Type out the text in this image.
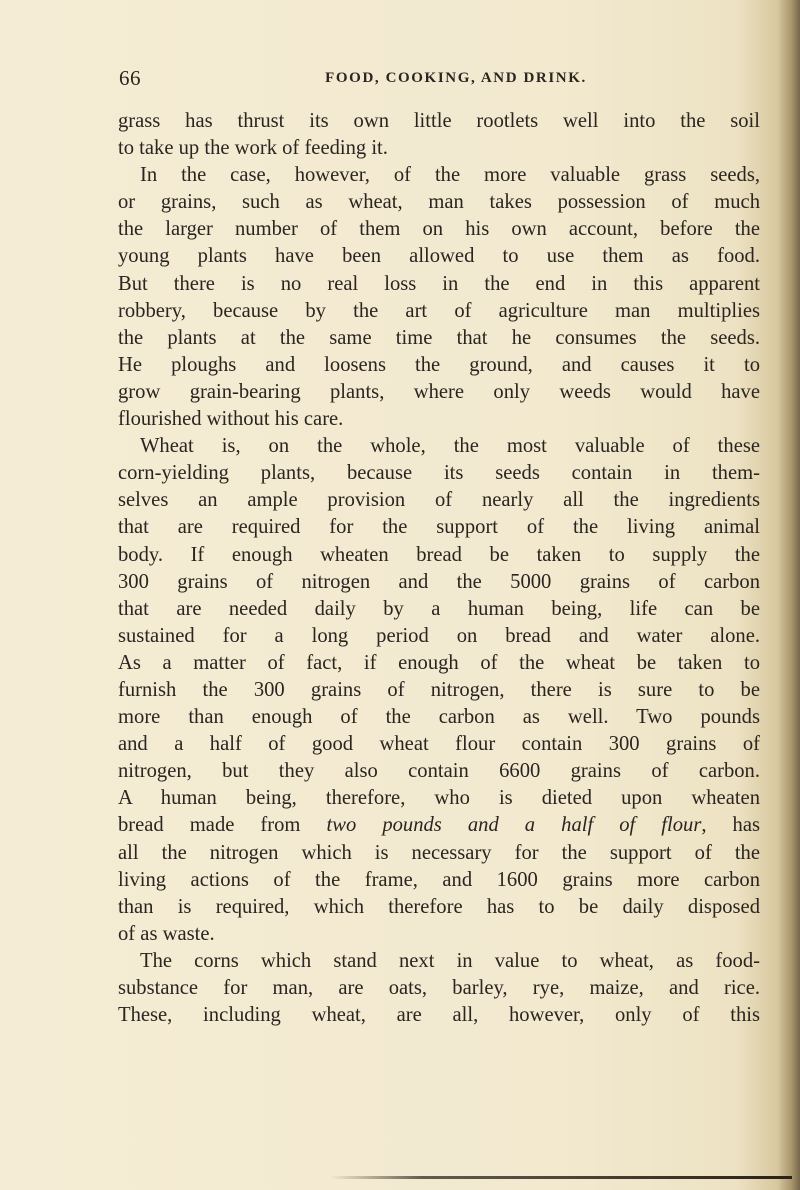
66	FOOD, COOKING, AND DRINK.

grass has thrust its own little rootlets well into the soil
to take up the work of feeding it.

In the case, however, of the more valuable grass seeds,
or grains, such as wheat, man takes possession of much
the larger number of them on his own account, before the
young plants have been allowed to use them as food.
But there is no real loss in the end in this apparent
robbery, because by the art of agriculture man multiplies
the plants at the same time that he consumes the seeds.
He ploughs and loosens the ground, and causes it to
grow grain-bearing plants, where only weeds would have
flourished without his care.

Wheat is, on the whole, the most valuable of these
corn-yielding plants, because its seeds contain in them-
selves an ample provision of nearly all the ingredients
that are required for the support of the living animal
body. If enough wheaten bread be taken to supply the
300 grains of nitrogen and the 5000 grains of carbon
that are needed daily by a human being, life can be
sustained for a long period on bread and water alone.
As a matter of fact, if enough of the wheat be taken to
furnish the 300 grains of nitrogen, there is sure to be
more than enough of the carbon as well. Two pounds
and a half of good wheat flour contain 300 grains of
nitrogen, but they also contain 6600 grains of carbon.
A human being, therefore, who is dieted upon wheaten
bread made from two pounds and a half of flour, has
all the nitrogen which is necessary for the support of the
living actions of the frame, and 1600 grains more carbon
than is required, which therefore has to be daily disposed
of as waste.

The corns which stand next in value to wheat, as food-
substance for man, are oats, barley, rye, maize, and rice.
These, including wheat, are all, however, only of this
